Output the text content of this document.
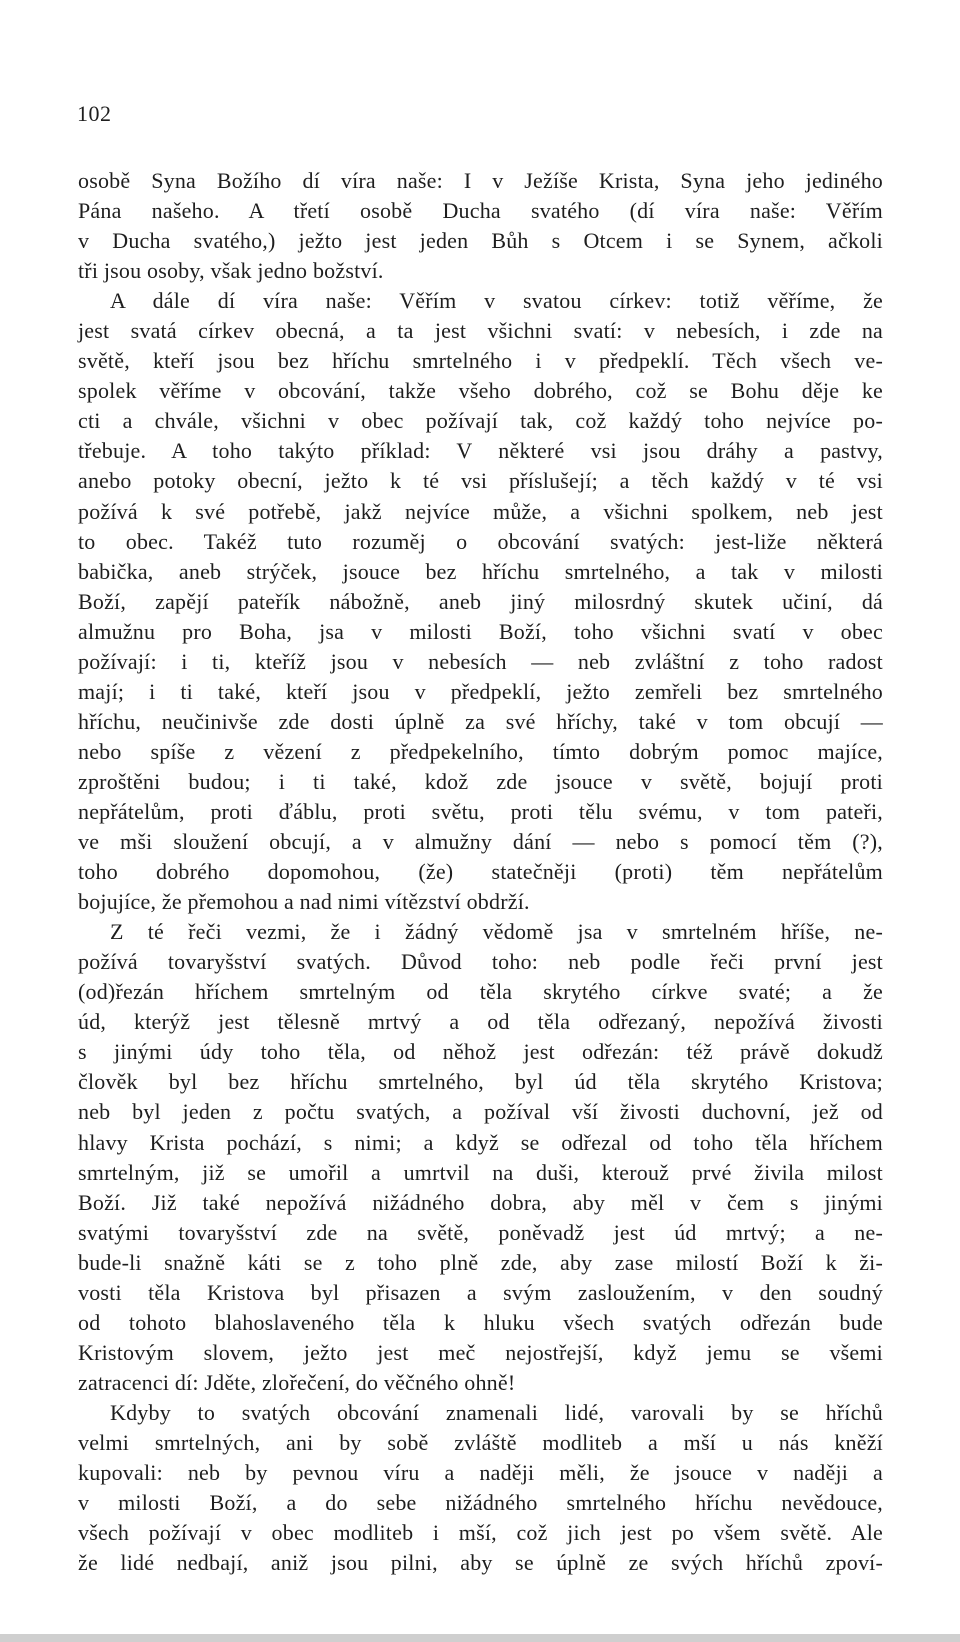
102
osobě Syna Božího dí víra naše: I v Ježíše Krista, Syna jeho jediného
Pána našeho. A třetí osobě Ducha svatého (dí víra naše: Věřím
v Ducha svatého,) ježto jest jeden Bůh s Otcem i se Synem, ačkoli
tři jsou osoby, však jedno božství.
A dále dí víra naše: Věřím v svatou církev: totiž věříme, že
jest svatá církev obecná, a ta jest všichni svatí: v nebesích, i zde na
světě, kteří jsou bez hříchu smrtelného i v předpeklí. Těch všech ve-
spolek věříme v obcování, takže všeho dobrého, což se Bohu děje ke
cti a chvále, všichni v obec požívají tak, což každý toho nejvíce po-
třebuje. A toho takýto příklad: V některé vsi jsou dráhy a pastvy,
anebo potoky obecní, ježto k té vsi příslušejí; a těch každý v té vsi
požívá k své potřebě, jakž nejvíce může, a všichni spolkem, neb jest
to obec. Takéž tuto rozuměj o obcování svatých: jest-liže některá
babička, aneb strýček, jsouce bez hříchu smrtelného, a tak v milosti
Boží, zapějí pateřík nábožně, aneb jiný milosrdný skutek učiní, dá
almužnu pro Boha, jsa v milosti Boží, toho všichni svatí v obec
požívají: i ti, kteříž jsou v nebesích — neb zvláštní z toho radost
mají; i ti také, kteří jsou v předpeklí, ježto zemřeli bez smrtelného
hříchu, neučinivše zde dosti úplně za své hříchy, také v tom obcují —
nebo spíše z vězení z předpekelního, tímto dobrým pomoc majíce,
zproštěni budou; i ti také, kdož zde jsouce v světě, bojují proti
nepřátelům, proti ďáblu, proti světu, proti tělu svému, v tom pateři,
ve mši sloužení obcují, a v almužny dání — nebo s pomocí těm (?),
toho dobrého dopomohou, (že) statečněji (proti) těm nepřátelům
bojujíce, že přemohou a nad nimi vítězství obdrží.
Z té řeči vezmi, že i žádný vědomě jsa v smrtelném hříše, ne-
požívá tovaryšství svatých. Důvod toho: neb podle řeči první jest
(od)řezán hříchem smrtelným od těla skrytého církve svaté; a že
úd, kterýž jest tělesně mrtvý a od těla odřezaný, nepožívá živosti
s jinými údy toho těla, od něhož jest odřezán: též právě dokudž
člověk byl bez hříchu smrtelného, byl úd těla skrytého Kristova;
neb byl jeden z počtu svatých, a požíval vší živosti duchovní, jež od
hlavy Krista pochází, s nimi; a když se odřezal od toho těla hříchem
smrtelným, již se umořil a umrtvil na duši, kterouž prvé živila milost
Boží. Již také nepožívá nižádného dobra, aby měl v čem s jinými
svatými tovaryšství zde na světě, poněvadž jest úd mrtvý; a ne-
bude-li snažně káti se z toho plně zde, aby zase milostí Boží k ži-
vosti těla Kristova byl přisazen a svým zasloužením, v den soudný
od tohoto blahoslaveného těla k hluku všech svatých odřezán bude
Kristovým slovem, ježto jest meč nejostřejší, když jemu se všemi
zatracenci dí: Jděte, zlořečení, do věčného ohně!
Kdyby to svatých obcování znamenali lidé, varovali by se hříchů
velmi smrtelných, ani by sobě zvláště modliteb a mší u nás kněží
kupovali: neb by pevnou víru a naději měli, že jsouce v naději a
v milosti Boží, a do sebe nižádného smrtelného hříchu nevědouce,
všech požívají v obec modliteb i mší, což jich jest po všem světě. Ale
že lidé nedbají, aniž jsou pilni, aby se úplně ze svých hříchů zpoví-
